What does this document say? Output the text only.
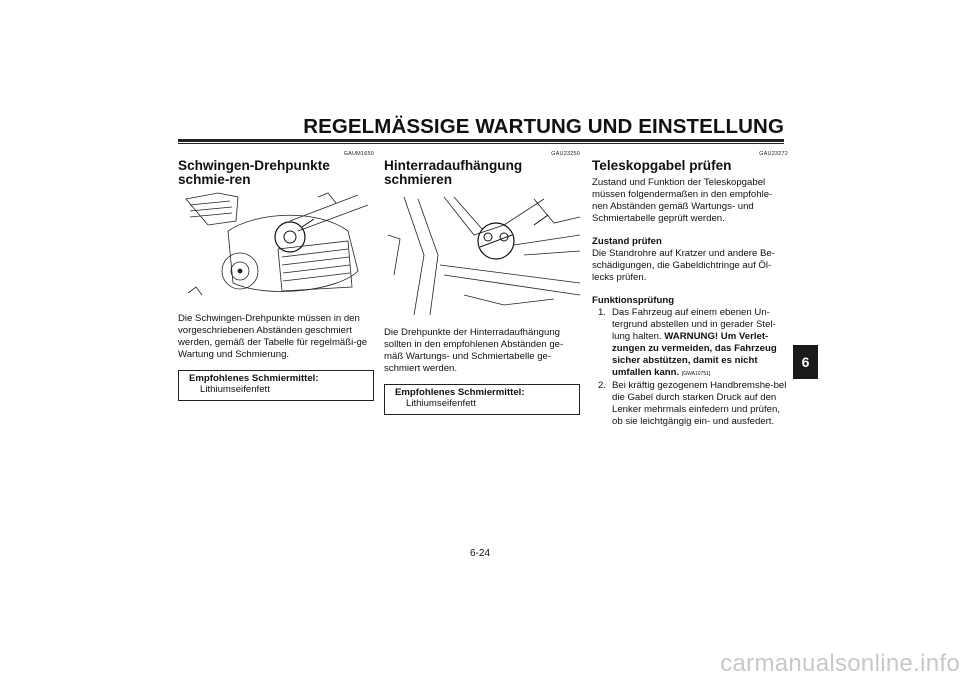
REGELMÄSSIGE WARTUNG UND EINSTELLUNG
6
GAUM1650
Schwingen-Drehpunkte schmie-ren
Die Schwingen-Drehpunkte müssen in den vorgeschriebenen Abständen geschmiert werden, gemäß der Tabelle für regelmäßi-ge Wartung und Schmierung.
Empfohlenes Schmiermittel:
Lithiumseifenfett
GAU23250
Hinterradaufhängung schmieren
Die Drehpunkte der Hinterradaufhängung sollten in den empfohlenen Abständen ge-mäß Wartungs- und Schmiertabelle ge-schmiert werden.
Empfohlenes Schmiermittel:
Lithiumseifenfett
GAU23272
Teleskopgabel prüfen
Zustand und Funktion der Teleskopgabel müssen folgendermaßen in den empfohle-nen Abständen gemäß Wartungs- und Schmiertabelle geprüft werden.
Zustand prüfen
Die Standrohre auf Kratzer und andere Be-schädigungen, die Gabeldichtringe auf Öl-lecks prüfen.
Funktionsprüfung
1. Das Fahrzeug auf einem ebenen Un-tergrund abstellen und in gerader Stel-lung halten. WARNUNG! Um Verlet-zungen zu vermeiden, das Fahrzeug sicher abstützen, damit es nicht umfallen kann. [GWA10751]
2. Bei kräftig gezogenem Handbremshe-bel die Gabel durch starken Druck auf den Lenker mehrmals einfedern und prüfen, ob sie leichtgängig ein- und ausfedert.
6-24
carmanualsonline.info
